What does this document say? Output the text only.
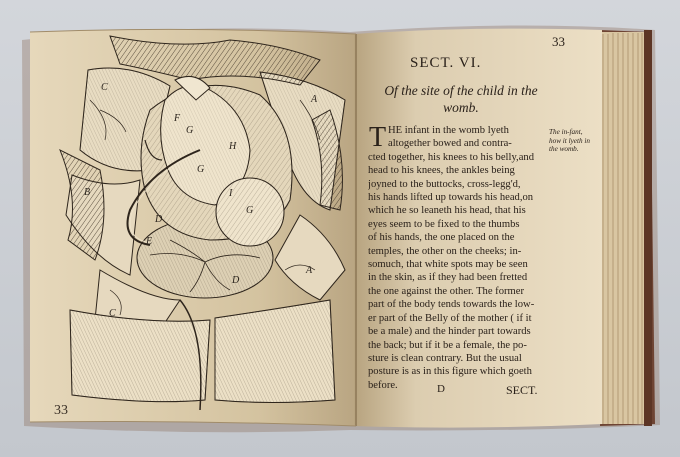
C
A
B
G
H
F
G
I
G
D
E
D
C
A
33
33
SECT. VI.
Of the site of the child in the
womb.
T HE infant in the womb lyeth
altogether bowed and contra-
cted together, his knees to his belly,and
head to his knees, the ankles being
joyned to the buttocks, cross-legg'd,
his hands lifted up towards his head,on
which he so leaneth his head, that his
eyes seem to be fixed to the thumbs
of his hands, the one placed on the
temples, the other on the cheeks; in-
somuch, that white spots may be seen
in the skin, as if they had been fretted
the one against the other. The former
part of the body tends towards the low-
er part of the Belly of the mother ( if it
be a male) and the hinder part towards
the back; but if it be a female, the po-
sture is clean contrary. But the usual
posture is as in this figure which goeth
before.
The in-fant, how it lyeth in the womb.
D	SECT.
